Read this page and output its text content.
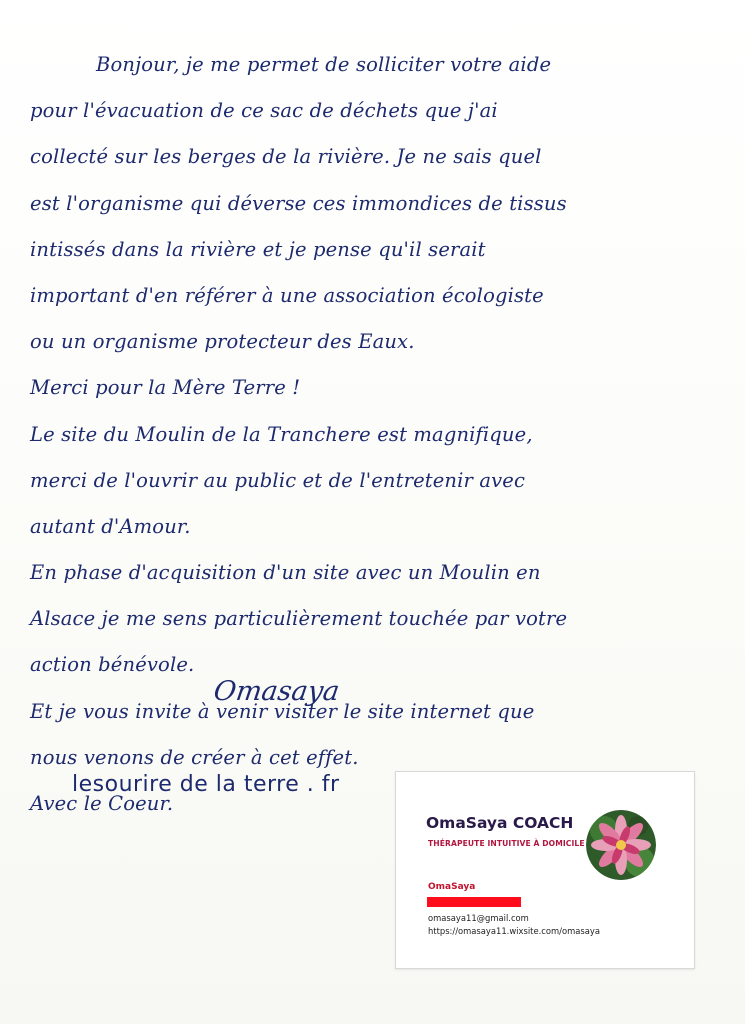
Bonjour, je me permet de solliciter votre aide
pour l'évacuation de ce sac de déchets que j'ai
collecté sur les berges de la rivière. Je ne sais quel
est l'organisme qui déverse ces immondices de tissus
intissés dans la rivière et je pense qu'il serait
important d'en référer à une association écologiste
ou un organisme protecteur des Eaux.
Merci pour la Mère Terre !
Le site du Moulin de la Tranchere est magnifique,
merci de l'ouvrir au public et de l'entretenir avec
autant d'Amour.
En phase d'acquisition d'un site avec un Moulin en
Alsace je me sens particulièrement touchée par votre
action bénévole.
Et je vous invite à venir visiter le site internet que
nous venons de créer à cet effet.
Avec le Coeur.
Omasaya
lesourire de la terre . fr
OmaSaya COACH
THÉRAPEUTE INTUITIVE À DOMICILE
OmaSaya
omasaya11@gmail.com
https://omasaya11.wixsite.com/omasaya
